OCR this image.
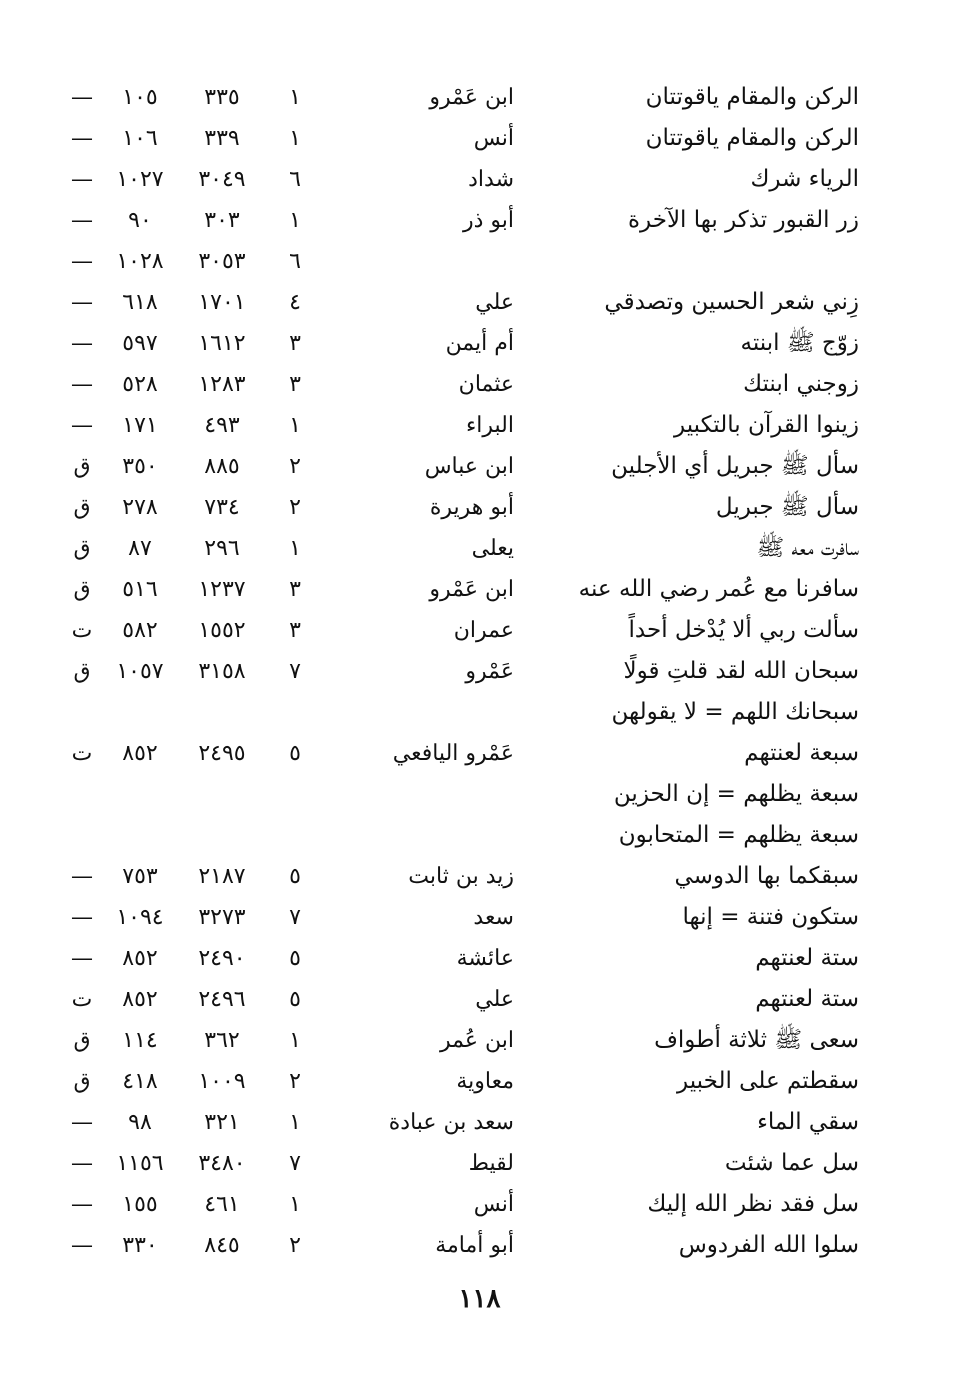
الركن والمقام ياقوتتان
ابن عَمْرو
١
٣٣٥
١٠٥
—
الركن والمقام ياقوتتان
أنس
١
٣٣٩
١٠٦
—
الرياء شرك
شداد
٦
٣٠٤٩
١٠٢٧
—
زر القبور تذكر بها الآخرة
أبو ذر
١
٣٠٣
٩٠
—
٦
٣٠٥٣
١٠٢٨
—
زِني شعر الحسين وتصدقي
علي
٤
١٧٠١
٦١٨
—
زوّج ﷺ ابنته
أم أيمن
٣
١٦١٢
٥٩٧
—
زوجني ابنتك
عثمان
٣
١٢٨٣
٥٢٨
—
زينوا القرآن بالتكبير
البراء
١
٤٩٣
١٧١
—
سأل ﷺ جبريل أي الأجلين
ابن عباس
٢
٨٨٥
٣٥٠
ق
سأل ﷺ جبريل
أبو هريرة
٢
٧٣٤
٢٧٨
ق
سافرت معه ﷺ
يعلى
١
٢٩٦
٨٧
ق
سافرنا مع عُمر رضي الله عنه
ابن عَمْرو
٣
١٢٣٧
٥١٦
ق
سألت ربي ألا يُدْخل أحداً
عمران
٣
١٥٥٢
٥٨٢
ت
سبحان الله لقد قلتِ قولًا
عَمْرو
٧
٣١٥٨
١٠٥٧
ق
سبحانك اللهم = لا يقولهن
سبعة لعنتهم
عَمْرو اليافعي
٥
٢٤٩٥
٨٥٢
ت
سبعة يظلهم = إن الحزين
سبعة يظلهم = المتحابون
سبقكما بها الدوسي
زيد بن ثابت
٥
٢١٨٧
٧٥٣
—
ستكون فتنة = إنها
سعد
٧
٣٢٧٣
١٠٩٤
—
ستة لعنتهم
عائشة
٥
٢٤٩٠
٨٥٢
—
ستة لعنتهم
علي
٥
٢٤٩٦
٨٥٢
ت
سعى ﷺ ثلاثة أطواف
ابن عُمر
١
٣٦٢
١١٤
ق
سقطتم على الخبير
معاوية
٢
١٠٠٩
٤١٨
ق
سقي الماء
سعد بن عبادة
١
٣٢١
٩٨
—
سل عما شئت
لقيط
٧
٣٤٨٠
١١٥٦
—
سل فقد نظر الله إليك
أنس
١
٤٦١
١٥٥
—
سلوا الله الفردوس
أبو أمامة
٢
٨٤٥
٣٣٠
—
١١٨
